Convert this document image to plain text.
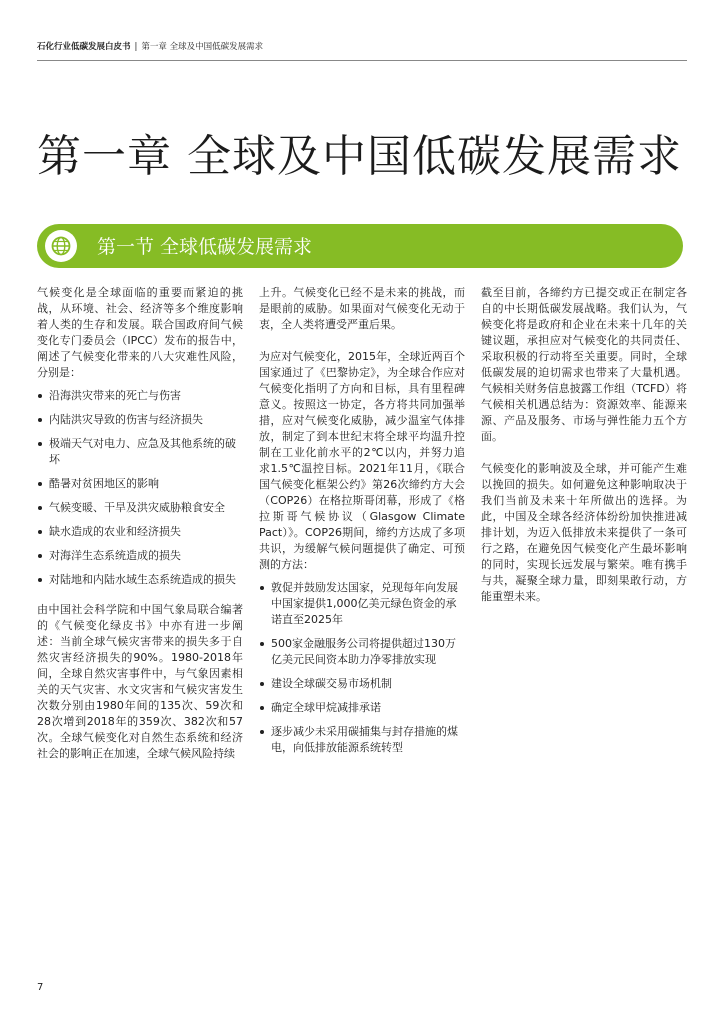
石化行业低碳发展白皮书 | 第一章 全球及中国低碳发展需求
第一章 全球及中国低碳发展需求
第一节 全球低碳发展需求

气候变化是全球面临的重要而紧迫的挑战，从环境、社会、经济等多个维度影响着人类的生存和发展。联合国政府间气候变化专门委员会（IPCC）发布的报告中，阐述了气候变化带来的八大灾难性风险，分别是：

沿海洪灾带来的死亡与伤害
内陆洪灾导致的伤害与经济损失
极端天气对电力、应急及其他系统的破坏
酷暑对贫困地区的影响
气候变暖、干旱及洪灾威胁粮食安全
缺水造成的农业和经济损失
对海洋生态系统造成的损失
对陆地和内陆水域生态系统造成的损失

由中国社会科学院和中国气象局联合编著的《气候变化绿皮书》中亦有进一步阐述：当前全球气候灾害带来的损失多于自然灾害经济损失的90%。1980-2018年间，全球自然灾害事件中，与气象因素相关的天气灾害、水文灾害和气候灾害发生次数分别由1980年间的135次、59次和28次增到2018年的359次、382次和57次。全球气候变化对自然生态系统和经济社会的影响正在加速，全球气候风险持续

上升。气候变化已经不是未来的挑战，而是眼前的威胁。如果面对气候变化无动于衷，全人类将遭受严重后果。

为应对气候变化，2015年，全球近两百个国家通过了《巴黎协定》，为全球合作应对气候变化指明了方向和目标，具有里程碑意义。按照这一协定，各方将共同加强举措，应对气候变化威胁，减少温室气体排放，制定了到本世纪末将全球平均温升控制在工业化前水平的2℃以内，并努力追求1.5℃温控目标。2021年11月，《联合国气候变化框架公约》第26次缔约方大会（COP26）在格拉斯哥闭幕，形成了《格拉斯哥气候协议（Glasgow Climate Pact）》。COP26期间，缔约方达成了多项共识，为缓解气候问题提供了确定、可预测的方法：

敦促并鼓励发达国家，兑现每年向发展中国家提供1,000亿美元绿色资金的承诺直至2025年
500家金融服务公司将提供超过130万亿美元民间资本助力净零排放实现
建设全球碳交易市场机制
确定全球甲烷减排承诺
逐步减少未采用碳捕集与封存措施的煤电，向低排放能源系统转型

截至目前，各缔约方已提交或正在制定各自的中长期低碳发展战略。我们认为，气候变化将是政府和企业在未来十几年的关键议题，承担应对气候变化的共同责任、采取积极的行动将至关重要。同时，全球低碳发展的迫切需求也带来了大量机遇。气候相关财务信息披露工作组（TCFD）将气候相关机遇总结为：资源效率、能源来源、产品及服务、市场与弹性能力五个方面。

气候变化的影响波及全球，并可能产生难以挽回的损失。如何避免这种影响取决于我们当前及未来十年所做出的选择。为此，中国及全球各经济体纷纷加快推进减排计划，为迈入低排放未来提供了一条可行之路，在避免因气候变化产生最坏影响的同时，实现长远发展与繁荣。唯有携手与共，凝聚全球力量，即刻果敢行动，方能重塑未来。

7
